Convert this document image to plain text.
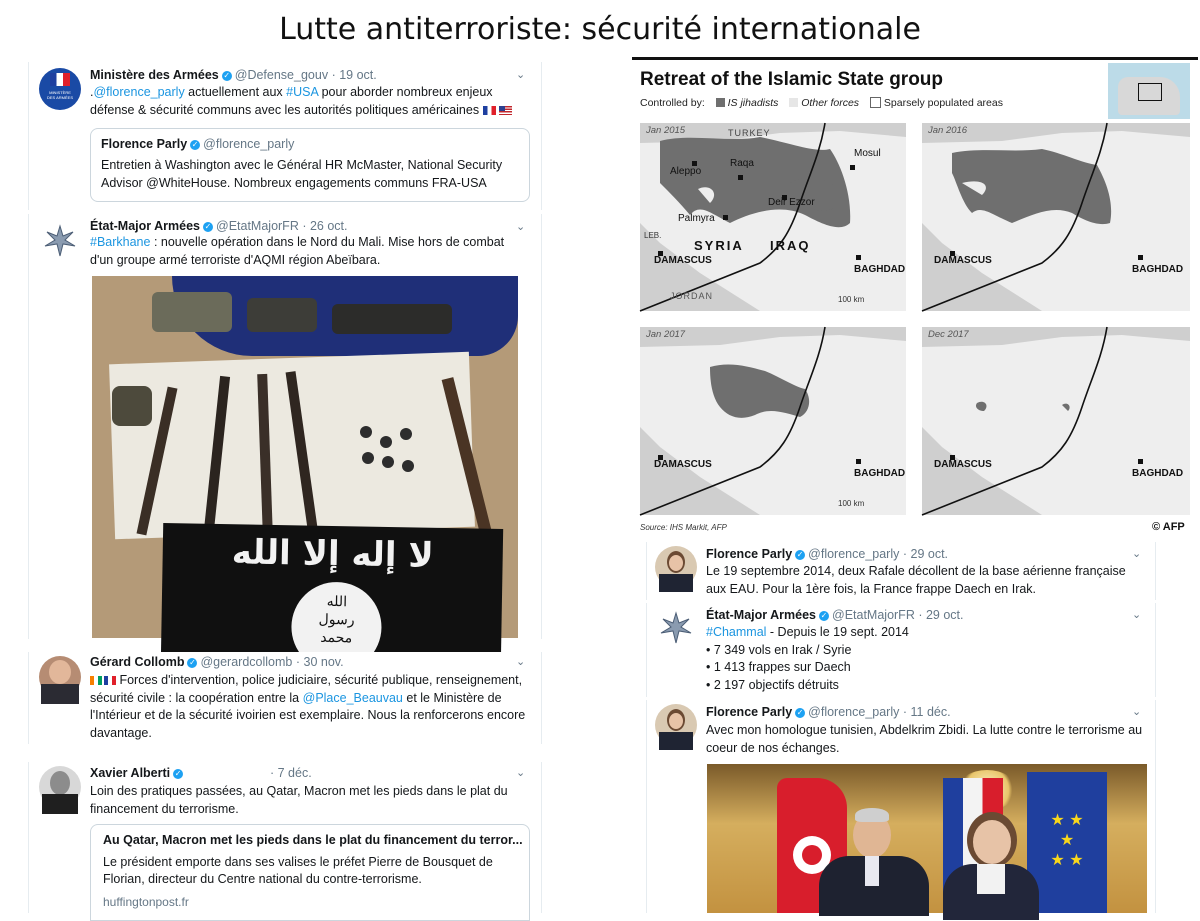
Lutte antiterroriste: sécurité internationale
MINISTÈRE DES ARMÉES
Ministère des Armées ✓ @Defense_gouv · 19 oct.	⌄
.@florence_parly actuellement aux #USA pour aborder nombreux enjeux
défense & sécurité communs avec les autorités politiques américaines
Florence Parly ✓ @florence_parly
Entretien à Washington avec le Général HR McMaster, National Security
Advisor @WhiteHouse. Nombreux engagements communs FRA-USA
État-Major Armées ✓ @EtatMajorFR · 26 oct.	⌄
#Barkhane : nouvelle opération dans le Nord du Mali. Mise hors de combat
d'un groupe armé terroriste d'AQMI région Abeïbara.
لا إله إلا الله
الله
رسول
محمد
Gérard Collomb ✓ @gerardcollomb · 30 nov.	⌄
Forces d'intervention, police judiciaire, sécurité publique, renseignement,
sécurité civile : la coopération entre la @Place_Beauvau et le Ministère de
l'Intérieur et de la sécurité ivoirien est exemplaire. Nous la renforcerons encore
davantage.
Xavier Alberti ✓	· 7 déc.	⌄
Loin des pratiques passées, au Qatar, Macron met les pieds dans le plat du
financement du terrorisme.
Au Qatar, Macron met les pieds dans le plat du financement du terror...
Le président emporte dans ses valises le préfet Pierre de Bousquet de
Florian, directeur du Centre national du contre-terrorisme.
huffingtonpost.fr
Retreat of the Islamic State group
Controlled by: IS jihadists Other forces Sparsely populated areas
Jan 2015	TURKEY
Aleppo
Raqa
Mosul
Deir Ezzor
Palmyra
SYRIA IRAQ
LEB.
DAMASCUS
BAGHDAD
JORDAN	100 km
Jan 2016
DAMASCUS
BAGHDAD
Jan 2017
DAMASCUS
BAGHDAD
100 km
Dec 2017
DAMASCUS
BAGHDAD
Source: IHS Markit, AFP	© AFP
Florence Parly ✓ @florence_parly · 29 oct.	⌄
Le 19 septembre 2014, deux Rafale décollent de la base aérienne française
aux EAU. Pour la 1ère fois, la France frappe Daech en Irak.
État-Major Armées ✓ @EtatMajorFR · 29 oct.	⌄
#Chammal - Depuis le 19 sept. 2014
• 7 349 vols en Irak / Syrie
• 1 413 frappes sur Daech
• 2 197 objectifs détruits
Florence Parly ✓ @florence_parly · 11 déc.	⌄
Avec mon homologue tunisien, Abdelkrim Zbidi. La lutte contre le terrorisme au
coeur de nos échanges.
★ ★
★
★ ★
